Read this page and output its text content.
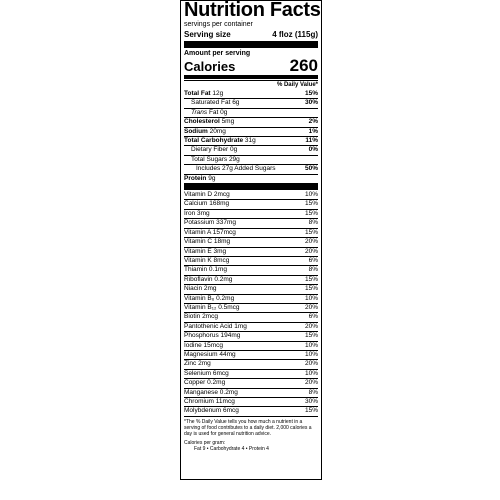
Nutrition Facts
servings per container
Serving size	4 floz (115g)
Amount per serving
Calories	260
% Daily Value*
Total Fat 12g	15%
Saturated Fat 6g	30%
Trans Fat 0g
Cholesterol 5mg	2%
Sodium 20mg	1%
Total Carbohydrate 31g	11%
Dietary Fiber 0g	0%
Total Sugars 29g
Includes 27g Added Sugars	50%
Protein 9g
Vitamin D 2mcg	10%
Calcium 168mg	15%
Iron 3mg	15%
Potassium 337mg	8%
Vitamin A 157mcg	15%
Vitamin C 18mg	20%
Vitamin E 3mg	20%
Vitamin K 8mcg	6%
Thiamin 0.1mg	8%
Riboflavin 0.2mg	15%
Niacin 2mg	15%
Vitamin B₆ 0.2mg	10%
Vitamin B₁₂ 0.5mcg	20%
Biotin 2mcg	6%
Pantothenic Acid 1mg	20%
Phosphorus 194mg	15%
Iodine 15mcg	10%
Magnesium 44mg	10%
Zinc 2mg	20%
Selenium 6mcg	10%
Copper 0.2mg	20%
Manganese 0.2mg	8%
Chromium 11mcg	30%
Molybdenum 6mcg	15%
*The % Daily Value tells you how much a nutrient in a serving of food contributes to a daily diet. 2,000 calories a day is used for general nutrition advice.
Calories per gram:
Fat 9 • Carbohydrate 4 • Protein 4
